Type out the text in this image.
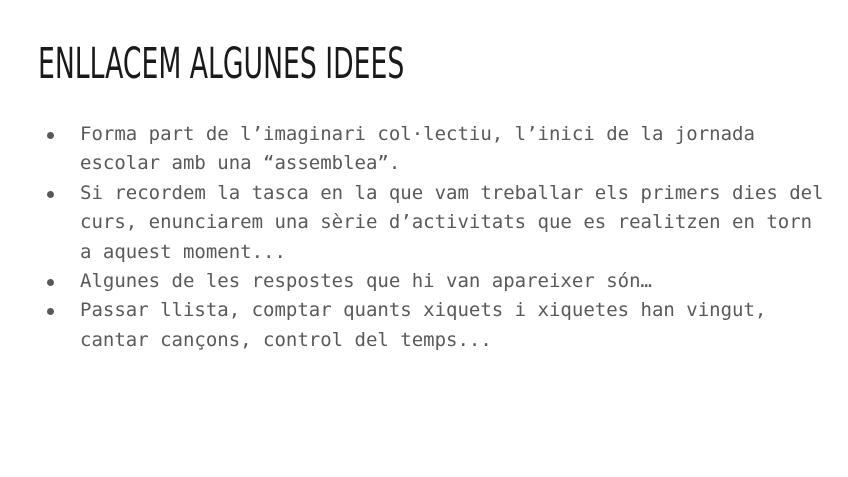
ENLLACEM ALGUNES IDEES
Forma part de l’imaginari col·lectiu, l’inici de la jornada escolar amb una “assemblea”.
Si recordem la tasca en la que vam treballar els primers dies del curs, enunciarem una sèrie d’activitats que es realitzen en torn a aquest moment...
Algunes de les respostes que hi van apareixer són…
Passar llista, comptar quants xiquets i xiquetes han vingut, cantar cançons, control del temps...
